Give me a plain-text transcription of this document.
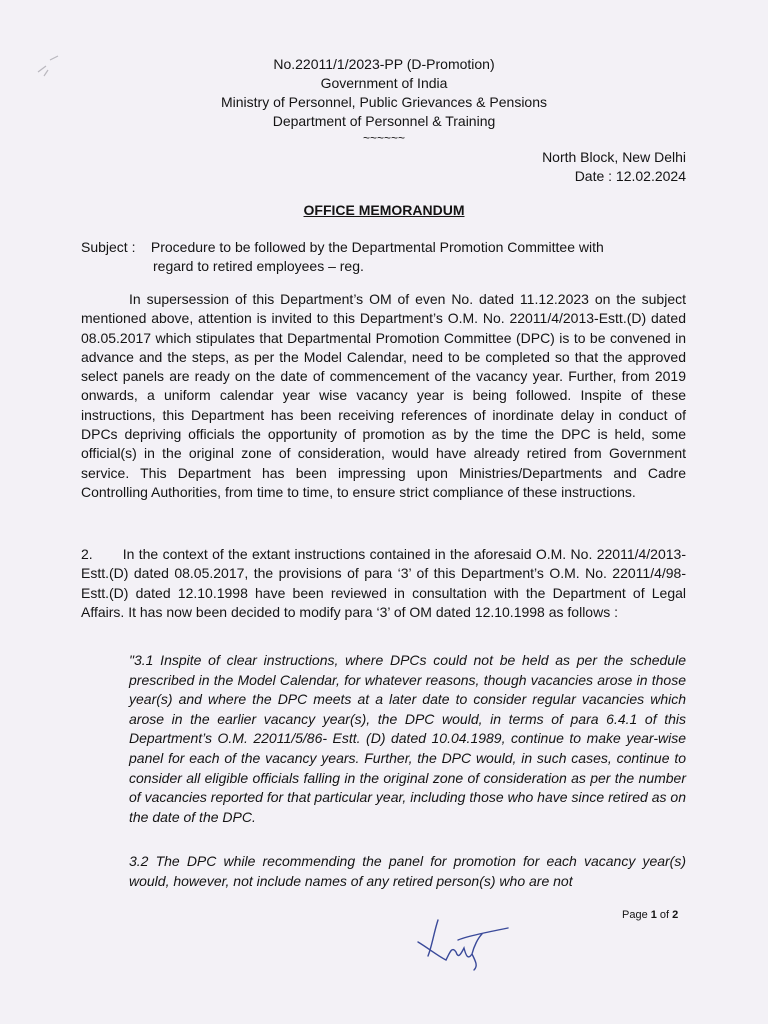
No.22011/1/2023-PP (D-Promotion)
Government of India
Ministry of Personnel, Public Grievances & Pensions
Department of Personnel & Training
~~~~~~
North Block, New Delhi
Date : 12.02.2024
OFFICE MEMORANDUM
Subject : Procedure to be followed by the Departmental Promotion Committee with
regard to retired employees – reg.
In supersession of this Department’s OM of even No. dated 11.12.2023 on the subject mentioned above, attention is invited to this Department’s O.M. No. 22011/4/2013-Estt.(D) dated 08.05.2017 which stipulates that Departmental Promotion Committee (DPC) is to be convened in advance and the steps, as per the Model Calendar, need to be completed so that the approved select panels are ready on the date of commencement of the vacancy year. Further, from 2019 onwards, a uniform calendar year wise vacancy year is being followed. Inspite of these instructions, this Department has been receiving references of inordinate delay in conduct of DPCs depriving officials the opportunity of promotion as by the time the DPC is held, some official(s) in the original zone of consideration, would have already retired from Government service. This Department has been impressing upon Ministries/Departments and Cadre Controlling Authorities, from time to time, to ensure strict compliance of these instructions.
2. In the context of the extant instructions contained in the aforesaid O.M. No. 22011/4/2013-Estt.(D) dated 08.05.2017, the provisions of para ‘3’ of this Department’s O.M. No. 22011/4/98-Estt.(D) dated 12.10.1998 have been reviewed in consultation with the Department of Legal Affairs. It has now been decided to modify para ‘3’ of OM dated 12.10.1998 as follows :
"3.1 Inspite of clear instructions, where DPCs could not be held as per the schedule prescribed in the Model Calendar, for whatever reasons, though vacancies arose in those year(s) and where the DPC meets at a later date to consider regular vacancies which arose in the earlier vacancy year(s), the DPC would, in terms of para 6.4.1 of this Department’s O.M. 22011/5/86- Estt. (D) dated 10.04.1989, continue to make year-wise panel for each of the vacancy years. Further, the DPC would, in such cases, continue to consider all eligible officials falling in the original zone of consideration as per the number of vacancies reported for that particular year, including those who have since retired as on the date of the DPC.
3.2 The DPC while recommending the panel for promotion for each vacancy year(s) would, however, not include names of any retired person(s) who are not
Page 1 of 2
